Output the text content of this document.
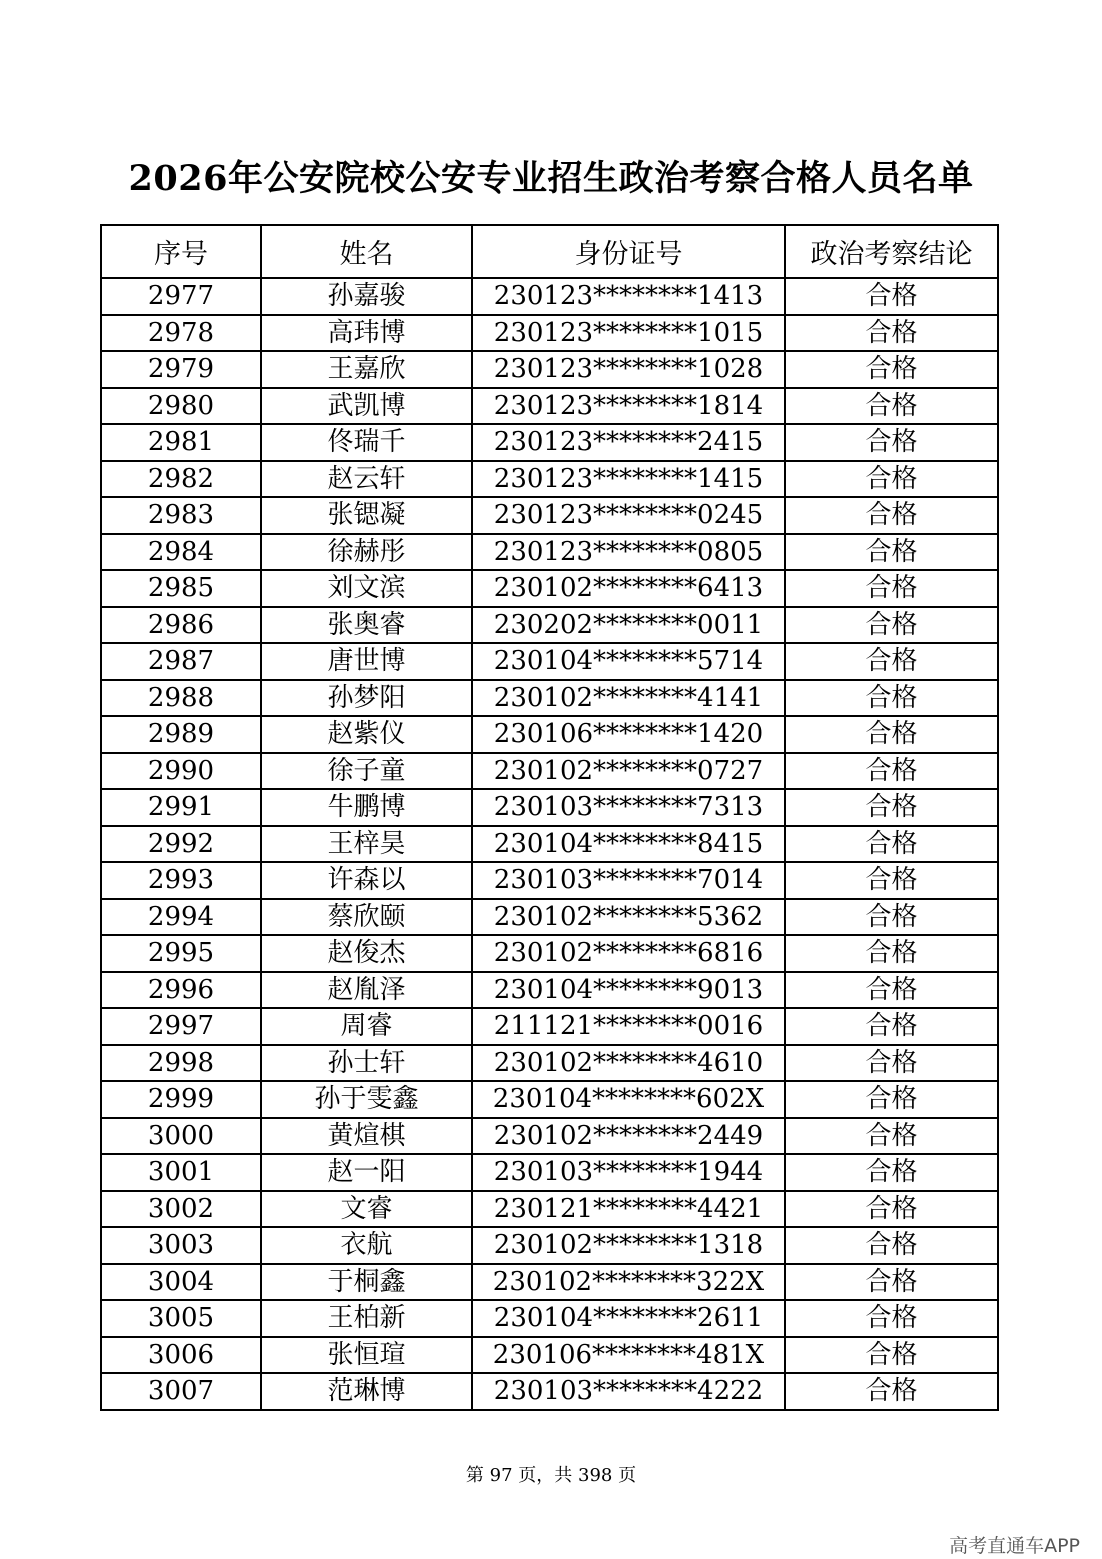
2026年公安院校公安专业招生政治考察合格人员名单
序号	姓名	身份证号	政治考察结论
2977	孙嘉骏	230123********1413	合格
2978	高玮博	230123********1015	合格
2979	王嘉欣	230123********1028	合格
2980	武凯博	230123********1814	合格
2981	佟瑞千	230123********2415	合格
2982	赵云轩	230123********1415	合格
2983	张锶凝	230123********0245	合格
2984	徐赫彤	230123********0805	合格
2985	刘文滨	230102********6413	合格
2986	张奥睿	230202********0011	合格
2987	唐世博	230104********5714	合格
2988	孙梦阳	230102********4141	合格
2989	赵紫仪	230106********1420	合格
2990	徐子童	230102********0727	合格
2991	牛鹏博	230103********7313	合格
2992	王梓昊	230104********8415	合格
2993	许森以	230103********7014	合格
2994	蔡欣颐	230102********5362	合格
2995	赵俊杰	230102********6816	合格
2996	赵胤泽	230104********9013	合格
2997	周睿	211121********0016	合格
2998	孙士轩	230102********4610	合格
2999	孙于雯鑫	230104********602X	合格
3000	黄煊棋	230102********2449	合格
3001	赵一阳	230103********1944	合格
3002	文睿	230121********4421	合格
3003	衣航	230102********1318	合格
3004	于桐鑫	230102********322X	合格
3005	王柏新	230104********2611	合格
3006	张恒瑄	230106********481X	合格
3007	范琳博	230103********4222	合格
第 97 页，共 398 页
高考直通车APP
